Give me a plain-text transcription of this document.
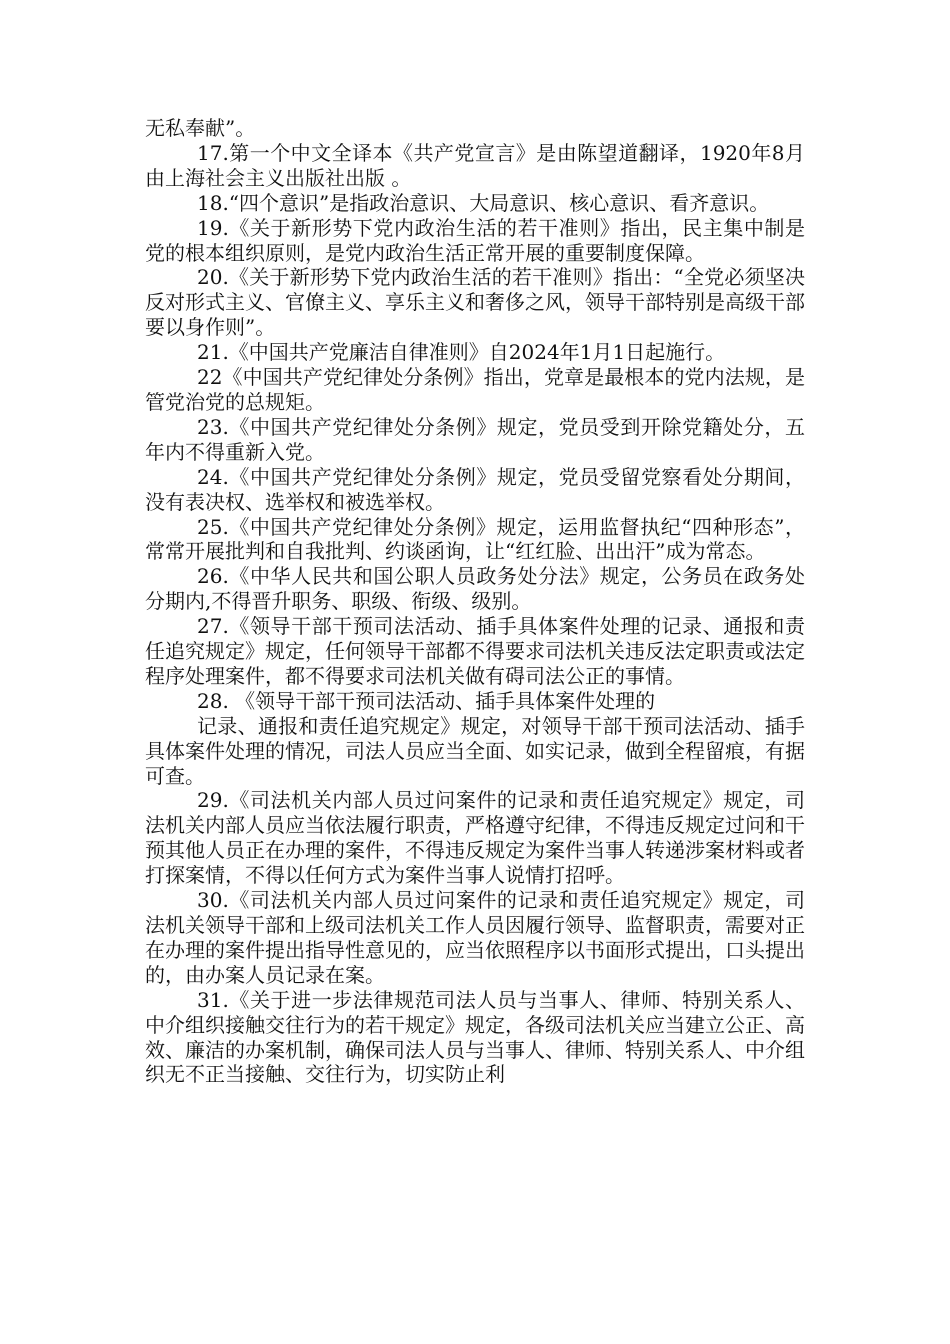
无私奉献”。

17.第一个中文全译本《共产党宣言》是由陈望道翻译，1920年8月由上海社会主义出版社出版 。

18.“四个意识”是指政治意识、大局意识、核心意识、看齐意识。

19.《关于新形势下党内政治生活的若干准则》指出，民主集中制是党的根本组织原则，是党内政治生活正常开展的重要制度保障。

20.《关于新形势下党内政治生活的若干准则》指出：“全党必须坚决反对形式主义、官僚主义、享乐主义和奢侈之风，领导干部特别是高级干部要以身作则”。

21.《中国共产党廉洁自律准则》自2024年1月1日起施行。

22《中国共产党纪律处分条例》指出，党章是最根本的党内法规，是管党治党的总规矩。

23.《中国共产党纪律处分条例》规定，党员受到开除党籍处分，五年内不得重新入党。

24.《中国共产党纪律处分条例》规定，党员受留党察看处分期间，没有表决权、选举权和被选举权。

25.《中国共产党纪律处分条例》规定，运用监督执纪“四种形态”，常常开展批判和自我批判、约谈函询，让“红红脸、出出汗”成为常态。

26.《中华人民共和国公职人员政务处分法》规定，公务员在政务处分期内,不得晋升职务、职级、衔级、级别。

27.《领导干部干预司法活动、插手具体案件处理的记录、通报和责任追究规定》规定，任何领导干部都不得要求司法机关违反法定职责或法定程序处理案件，都不得要求司法机关做有碍司法公正的事情。

28. 《领导干部干预司法活动、插手具体案件处理的
记录、通报和责任追究规定》规定，对领导干部干预司法活动、插手具体案件处理的情况，司法人员应当全面、如实记录，做到全程留痕，有据可查。

29.《司法机关内部人员过问案件的记录和责任追究规定》规定，司法机关内部人员应当依法履行职责，严格遵守纪律，不得违反规定过问和干预其他人员正在办理的案件，不得违反规定为案件当事人转递涉案材料或者打探案情，不得以任何方式为案件当事人说情打招呼。

30.《司法机关内部人员过问案件的记录和责任追究规定》规定，司法机关领导干部和上级司法机关工作人员因履行领导、监督职责，需要对正在办理的案件提出指导性意见的，应当依照程序以书面形式提出，口头提出的，由办案人员记录在案。

31.《关于进一步法律规范司法人员与当事人、律师、特别关系人、中介组织接触交往行为的若干规定》规定，各级司法机关应当建立公正、高效、廉洁的办案机制，确保司法人员与当事人、律师、特别关系人、中介组织无不正当接触、交往行为，切实防止利
